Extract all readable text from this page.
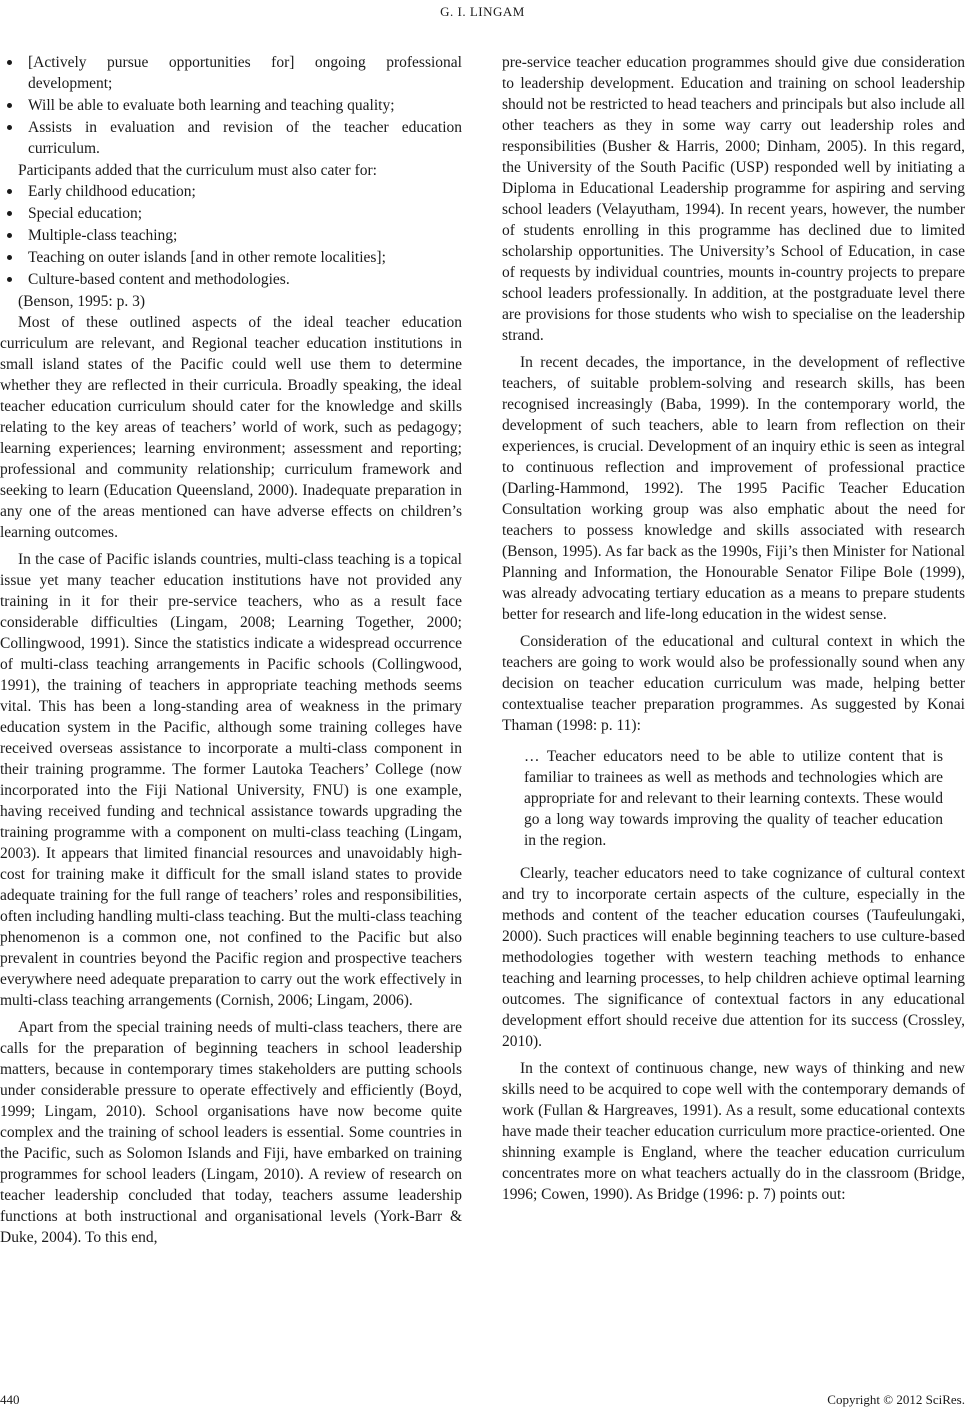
G. I. LINGAM
[Actively pursue opportunities for] ongoing professional development;
Will be able to evaluate both learning and teaching quality;
Assists in evaluation and revision of the teacher education curriculum.

Participants added that the curriculum must also cater for:

Early childhood education;
Special education;
Multiple-class teaching;
Teaching on outer islands [and in other remote localities];
Culture-based content and methodologies.

(Benson, 1995: p. 3)

Most of these outlined aspects of the ideal teacher education curriculum are relevant, and Regional teacher education institutions in small island states of the Pacific could well use them to determine whether they are reflected in their curricula. Broadly speaking, the ideal teacher education curriculum should cater for the knowledge and skills relating to the key areas of teachers’ world of work, such as pedagogy; learning experiences; learning environment; assessment and reporting; professional and community relationship; curriculum framework and seeking to learn (Education Queensland, 2000). Inadequate preparation in any one of the areas mentioned can have adverse effects on children’s learning outcomes.

In the case of Pacific islands countries, multi-class teaching is a topical issue yet many teacher education institutions have not provided any training in it for their pre-service teachers, who as a result face considerable difficulties (Lingam, 2008; Learning Together, 2000; Collingwood, 1991). Since the statistics indicate a widespread occurrence of multi-class teaching arrangements in Pacific schools (Collingwood, 1991), the training of teachers in appropriate teaching methods seems vital. This has been a long-standing area of weakness in the primary education system in the Pacific, although some training colleges have received overseas assistance to incorporate a multi-class component in their training programme. The former Lautoka Teachers’ College (now incorporated into the Fiji National University, FNU) is one example, having received funding and technical assistance towards upgrading the training programme with a component on multi-class teaching (Lingam, 2003). It appears that limited financial resources and unavoidably high-cost for training make it difficult for the small island states to provide adequate training for the full range of teachers’ roles and responsibilities, often including handling multi-class teaching. But the multi-class teaching phenomenon is a common one, not confined to the Pacific but also prevalent in countries beyond the Pacific region and prospective teachers everywhere need adequate preparation to carry out the work effectively in multi-class teaching arrangements (Cornish, 2006; Lingam, 2006).

Apart from the special training needs of multi-class teachers, there are calls for the preparation of beginning teachers in school leadership matters, because in contemporary times stakeholders are putting schools under considerable pressure to operate effectively and efficiently (Boyd, 1999; Lingam, 2010). School organisations have now become quite complex and the training of school leaders is essential. Some countries in the Pacific, such as Solomon Islands and Fiji, have embarked on training programmes for school leaders (Lingam, 2010). A review of research on teacher leadership concluded that today, teachers assume leadership functions at both instructional and organisational levels (York-Barr & Duke, 2004). To this end,

pre-service teacher education programmes should give due consideration to leadership development. Education and training on school leadership should not be restricted to head teachers and principals but also include all other teachers as they in some way carry out leadership roles and responsibilities (Busher & Harris, 2000; Dinham, 2005). In this regard, the University of the South Pacific (USP) responded well by initiating a Diploma in Educational Leadership programme for aspiring and serving school leaders (Velayutham, 1994). In recent years, however, the number of students enrolling in this programme has declined due to limited scholarship opportunities. The University’s School of Education, in case of requests by individual countries, mounts in-country projects to prepare school leaders professionally. In addition, at the postgraduate level there are provisions for those students who wish to specialise on the leadership strand.

In recent decades, the importance, in the development of reflective teachers, of suitable problem-solving and research skills, has been recognised increasingly (Baba, 1999). In the contemporary world, the development of such teachers, able to learn from reflection on their experiences, is crucial. Development of an inquiry ethic is seen as integral to continuous reflection and improvement of professional practice (Darling-Hammond, 1992). The 1995 Pacific Teacher Education Consultation working group was also emphatic about the need for teachers to possess knowledge and skills associated with research (Benson, 1995). As far back as the 1990s, Fiji’s then Minister for National Planning and Information, the Honourable Senator Filipe Bole (1999), was already advocating tertiary education as a means to prepare students better for research and life-long education in the widest sense.

Consideration of the educational and cultural context in which the teachers are going to work would also be professionally sound when any decision on teacher education curriculum was made, helping better contextualise teacher preparation programmes. As suggested by Konai Thaman (1998: p. 11):

… Teacher educators need to be able to utilize content that is familiar to trainees as well as methods and technologies which are appropriate for and relevant to their learning contexts. These would go a long way towards improving the quality of teacher education in the region.

Clearly, teacher educators need to take cognizance of cultural context and try to incorporate certain aspects of the culture, especially in the methods and content of the teacher education courses (Taufeulungaki, 2000). Such practices will enable beginning teachers to use culture-based methodologies together with western teaching methods to enhance teaching and learning processes, to help children achieve optimal learning outcomes. The significance of contextual factors in any educational development effort should receive due attention for its success (Crossley, 2010).

In the context of continuous change, new ways of thinking and new skills need to be acquired to cope well with the contemporary demands of work (Fullan & Hargreaves, 1991). As a result, some educational contexts have made their teacher education curriculum more practice-oriented. One shinning example is England, where the teacher education curriculum concentrates more on what teachers actually do in the classroom (Bridge, 1996; Cowen, 1990). As Bridge (1996: p. 7) points out:

440	Copyright © 2012 SciRes.
